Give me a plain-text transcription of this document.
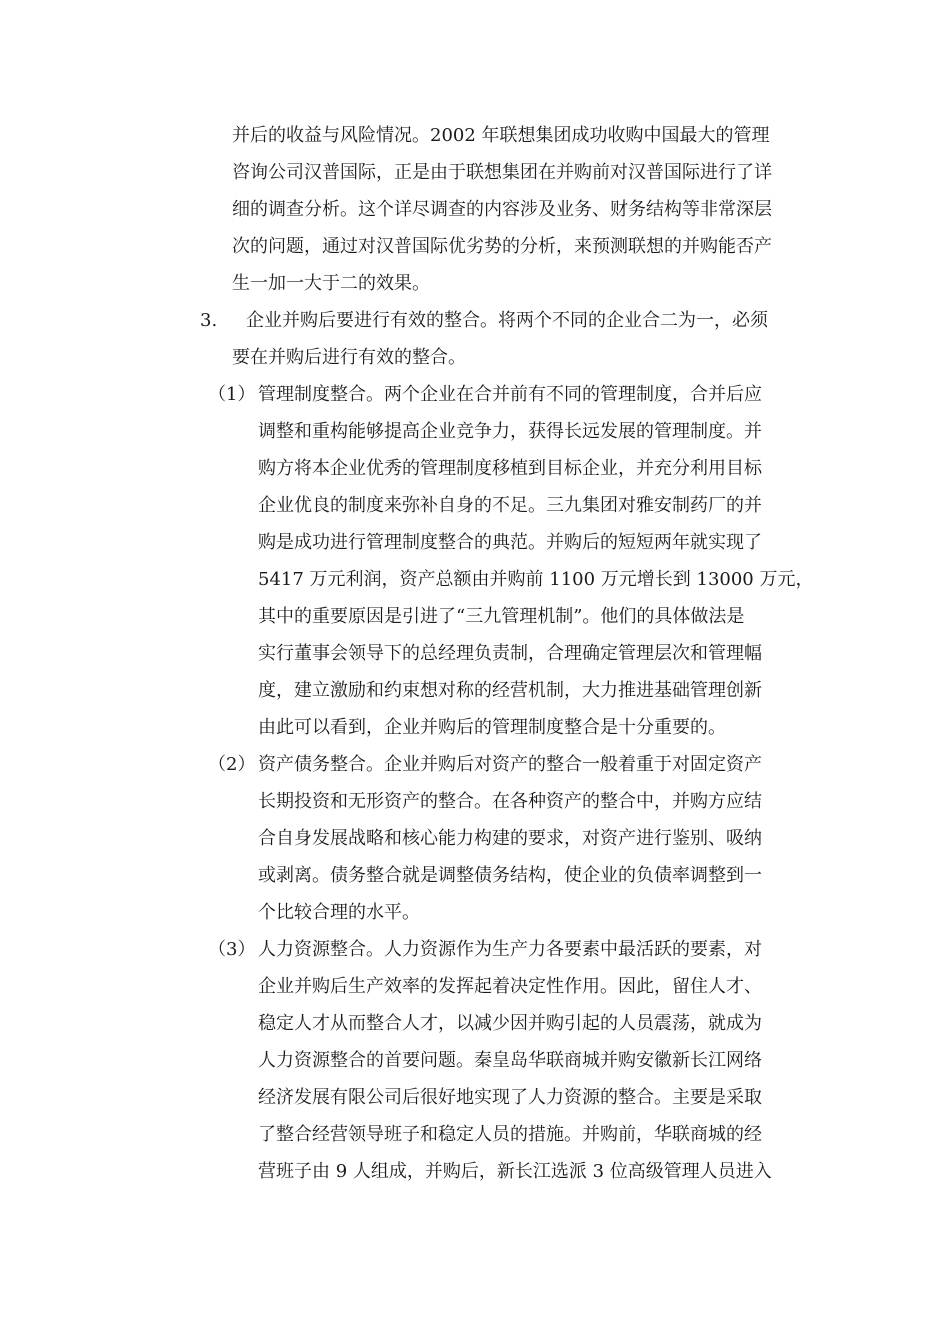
并后的收益与风险情况。2002 年联想集团成功收购中国最大的管理
咨询公司汉普国际，正是由于联想集团在并购前对汉普国际进行了详
细的调查分析。这个详尽调查的内容涉及业务、财务结构等非常深层
次的问题，通过对汉普国际优劣势的分析，来预测联想的并购能否产
生一加一大于二的效果。
3. 企业并购后要进行有效的整合。将两个不同的企业合二为一，必须
要在并购后进行有效的整合。
（1） 管理制度整合。两个企业在合并前有不同的管理制度，合并后应
调整和重构能够提高企业竞争力，获得长远发展的管理制度。并
购方将本企业优秀的管理制度移植到目标企业，并充分利用目标
企业优良的制度来弥补自身的不足。三九集团对雅安制药厂的并
购是成功进行管理制度整合的典范。并购后的短短两年就实现了
5417 万元利润，资产总额由并购前 1100 万元增长到 13000 万元，
其中的重要原因是引进了“三九管理机制”。他们的具体做法是
实行董事会领导下的总经理负责制，合理确定管理层次和管理幅
度，建立激励和约束想对称的经营机制，大力推进基础管理创新
由此可以看到，企业并购后的管理制度整合是十分重要的。
（2） 资产债务整合。企业并购后对资产的整合一般着重于对固定资产
长期投资和无形资产的整合。在各种资产的整合中，并购方应结
合自身发展战略和核心能力构建的要求，对资产进行鉴别、吸纳
或剥离。债务整合就是调整债务结构，使企业的负债率调整到一
个比较合理的水平。
（3） 人力资源整合。人力资源作为生产力各要素中最活跃的要素，对
企业并购后生产效率的发挥起着决定性作用。因此，留住人才、
稳定人才从而整合人才，以减少因并购引起的人员震荡，就成为
人力资源整合的首要问题。秦皇岛华联商城并购安徽新长江网络
经济发展有限公司后很好地实现了人力资源的整合。主要是采取
了整合经营领导班子和稳定人员的措施。并购前，华联商城的经
营班子由 9 人组成，并购后，新长江选派 3 位高级管理人员进入
